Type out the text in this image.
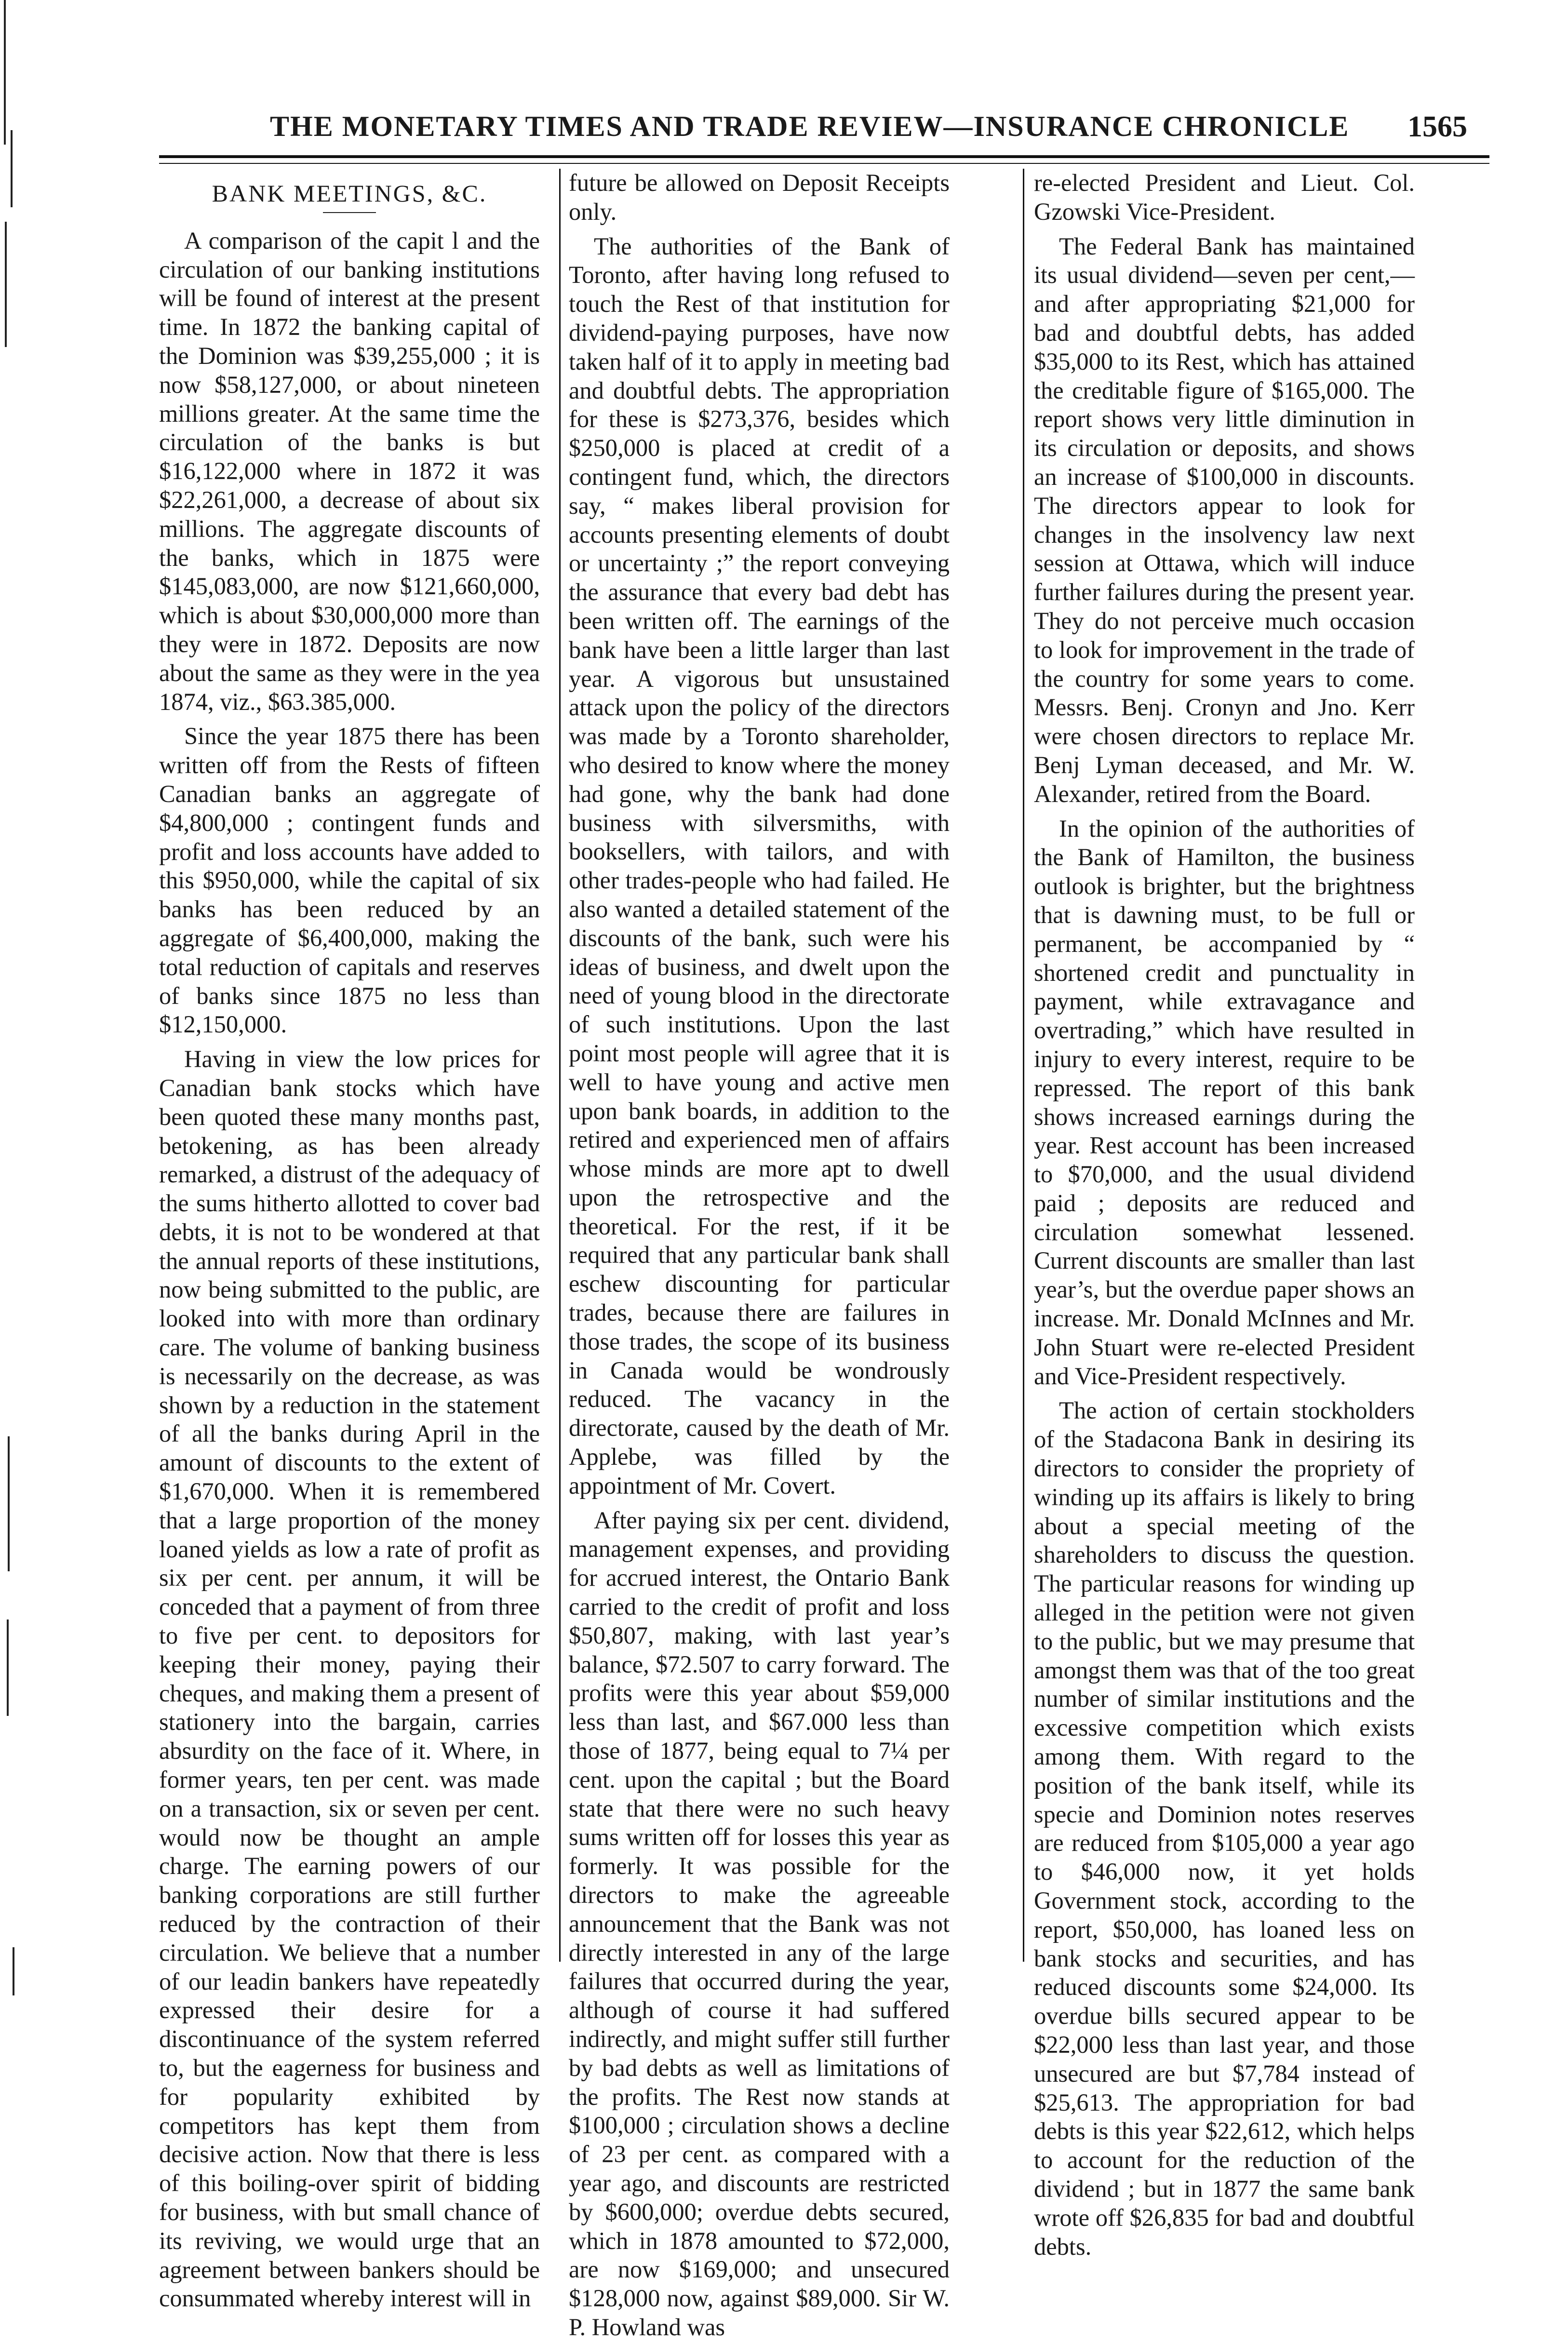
THE MONETARY TIMES AND TRADE REVIEW—INSURANCE CHRONICLE 1565
BANK MEETINGS, &C.

A comparison of the capit l and the circulation of our banking institutions will be found of interest at the present time. In 1872 the banking capital of the Dominion was $39,255,000 ; it is now $58,127,000, or about nineteen millions greater. At the same time the circulation of the banks is but $16,122,000 where in 1872 it was $22,261,000, a decrease of about six millions. The aggregate discounts of the banks, which in 1875 were $145,083,000, are now $121,660,000, which is about $30,000,000 more than they were in 1872. Deposits are now about the same as they were in the yea 1874, viz., $63.385,000.

Since the year 1875 there has been written off from the Rests of fifteen Canadian banks an aggregate of $4,800,000 ; contingent funds and profit and loss accounts have added to this $950,000, while the capital of six banks has been reduced by an aggregate of $6,400,000, making the total reduction of capitals and reserves of banks since 1875 no less than $12,150,000.

Having in view the low prices for Canadian bank stocks which have been quoted these many months past, betokening, as has been already remarked, a distrust of the adequacy of the sums hitherto allotted to cover bad debts, it is not to be wondered at that the annual reports of these institutions, now being submitted to the public, are looked into with more than ordinary care. The volume of banking business is necessarily on the decrease, as was shown by a reduction in the statement of all the banks during April in the amount of discounts to the extent of $1,670,000. When it is remembered that a large proportion of the money loaned yields as low a rate of profit as six per cent. per annum, it will be conceded that a payment of from three to five per cent. to depositors for keeping their money, paying their cheques, and making them a present of stationery into the bargain, carries absurdity on the face of it. Where, in former years, ten per cent. was made on a transaction, six or seven per cent. would now be thought an ample charge. The earning powers of our banking corporations are still further reduced by the contraction of their circulation. We believe that a number of our leadin bankers have repeatedly expressed their desire for a discontinuance of the system referred to, but the eagerness for business and for popularity exhibited by competitors has kept them from decisive action. Now that there is less of this boiling-over spirit of bidding for business, with but small chance of its reviving, we would urge that an agreement between bankers should be consummated whereby interest will in

future be allowed on Deposit Receipts only.

The authorities of the Bank of Toronto, after having long refused to touch the Rest of that institution for dividend-paying purposes, have now taken half of it to apply in meeting bad and doubtful debts. The appropriation for these is $273,376, besides which $250,000 is placed at credit of a contingent fund, which, the directors say, “ makes liberal provision for accounts presenting elements of doubt or uncertainty ;” the report conveying the assurance that every bad debt has been written off. The earnings of the bank have been a little larger than last year. A vigorous but unsustained attack upon the policy of the directors was made by a Toronto shareholder, who desired to know where the money had gone, why the bank had done business with silversmiths, with booksellers, with tailors, and with other trades-people who had failed. He also wanted a detailed statement of the discounts of the bank, such were his ideas of business, and dwelt upon the need of young blood in the directorate of such institutions. Upon the last point most people will agree that it is well to have young and active men upon bank boards, in addition to the retired and experienced men of affairs whose minds are more apt to dwell upon the retrospective and the theoretical. For the rest, if it be required that any particular bank shall eschew discounting for particular trades, because there are failures in those trades, the scope of its business in Canada would be wondrously reduced. The vacancy in the directorate, caused by the death of Mr. Applebe, was filled by the appointment of Mr. Covert.

After paying six per cent. dividend, management expenses, and providing for accrued interest, the Ontario Bank carried to the credit of profit and loss $50,807, making, with last year’s balance, $72.507 to carry forward. The profits were this year about $59,000 less than last, and $67.000 less than those of 1877, being equal to 7¼ per cent. upon the capital ; but the Board state that there were no such heavy sums written off for losses this year as formerly. It was possible for the directors to make the agreeable announcement that the Bank was not directly interested in any of the large failures that occurred during the year, although of course it had suffered indirectly, and might suffer still further by bad debts as well as limitations of the profits. The Rest now stands at $100,000 ; circulation shows a decline of 23 per cent. as compared with a year ago, and discounts are restricted by $600,000; overdue debts secured, which in 1878 amounted to $72,000, are now $169,000; and unsecured $128,000 now, against $89,000. Sir W. P. Howland was

re-elected President and Lieut. Col. Gzowski Vice-President.

The Federal Bank has maintained its usual dividend—seven per cent,—and after appropriating $21,000 for bad and doubtful debts, has added $35,000 to its Rest, which has attained the creditable figure of $165,000. The report shows very little diminution in its circulation or deposits, and shows an increase of $100,000 in discounts. The directors appear to look for changes in the insolvency law next session at Ottawa, which will induce further failures during the present year. They do not perceive much occasion to look for improvement in the trade of the country for some years to come. Messrs. Benj. Cronyn and Jno. Kerr were chosen directors to replace Mr. Benj Lyman deceased, and Mr. W. Alexander, retired from the Board.

In the opinion of the authorities of the Bank of Hamilton, the business outlook is brighter, but the brightness that is dawning must, to be full or permanent, be accompanied by “ shortened credit and punctuality in payment, while extravagance and overtrading,” which have resulted in injury to every interest, require to be repressed. The report of this bank shows increased earnings during the year. Rest account has been increased to $70,000, and the usual dividend paid ; deposits are reduced and circulation somewhat lessened. Current discounts are smaller than last year’s, but the overdue paper shows an increase. Mr. Donald McInnes and Mr. John Stuart were re-elected President and Vice-President respectively.

The action of certain stockholders of the Stadacona Bank in desiring its directors to consider the propriety of winding up its affairs is likely to bring about a special meeting of the shareholders to discuss the question. The particular reasons for winding up alleged in the petition were not given to the public, but we may presume that amongst them was that of the too great number of similar institutions and the excessive competition which exists among them. With regard to the position of the bank itself, while its specie and Dominion notes reserves are reduced from $105,000 a year ago to $46,000 now, it yet holds Government stock, according to the report, $50,000, has loaned less on bank stocks and securities, and has reduced discounts some $24,000. Its overdue bills secured appear to be $22,000 less than last year, and those unsecured are but $7,784 instead of $25,613. The appropriation for bad debts is this year $22,612, which helps to account for the reduction of the dividend ; but in 1877 the same bank wrote off $26,835 for bad and doubtful debts.
